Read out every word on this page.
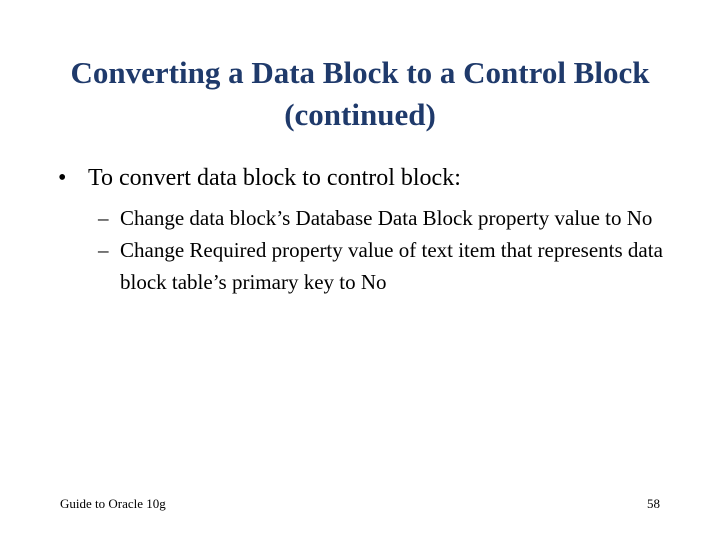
Converting a Data Block to a Control Block (continued)
• To convert data block to control block:
– Change data block’s Database Data Block property value to No
– Change Required property value of text item that represents data block table’s primary key to No
Guide to Oracle 10g	58
